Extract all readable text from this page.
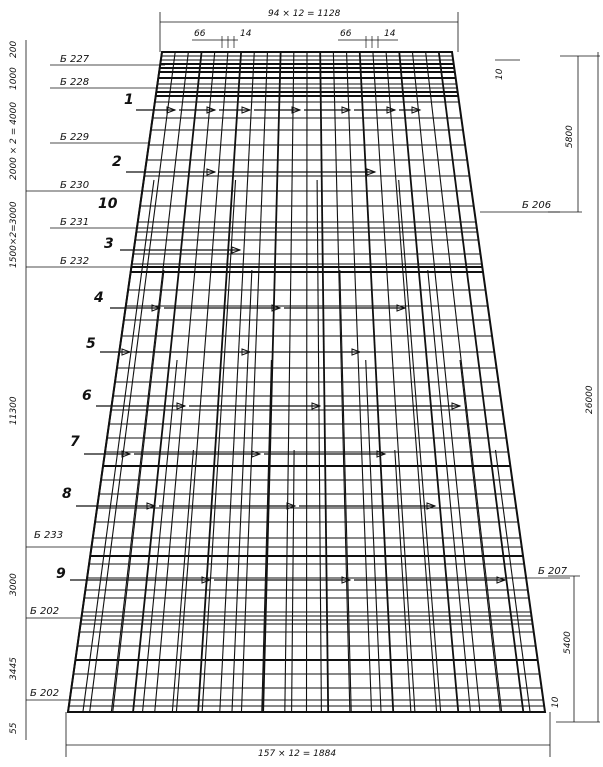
94 × 12 = 1128
66	14	66	14
157 × 12 = 1884
200
1000
2000 × 2 = 4000
1500×2=3000
11300
3000
3445
55
10
5800
26000
5400
10
Б 227
Б 228
Б 229
Б 230
Б 231
Б 232
Б 233
Б 202
Б 202
Б 206
Б 207
1
2
10
3
4
5
6
7
8
9
